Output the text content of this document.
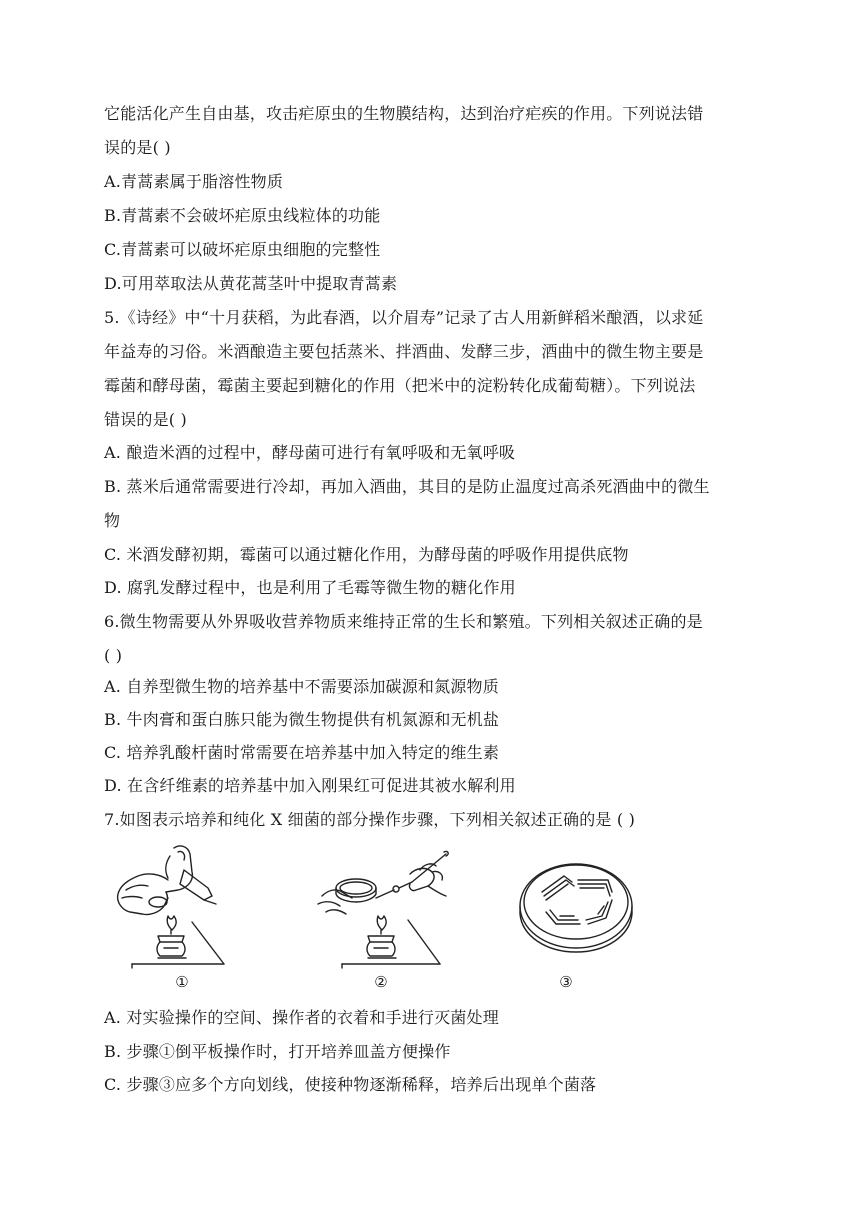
它能活化产生自由基，攻击疟原虫的生物膜结构，达到治疗疟疾的作用。下列说法错
误的是( )
A.青蒿素属于脂溶性物质
B.青蒿素不会破坏疟原虫线粒体的功能
C.青蒿素可以破坏疟原虫细胞的完整性
D.可用萃取法从黄花蒿茎叶中提取青蒿素
5.《诗经》中“十月获稻，为此春酒，以介眉寿”记录了古人用新鲜稻米酿酒，以求延
年益寿的习俗。米酒酿造主要包括蒸米、拌酒曲、发酵三步，酒曲中的微生物主要是
霉菌和酵母菌，霉菌主要起到糖化的作用（把米中的淀粉转化成葡萄糖）。下列说法
错误的是( )
A. 酿造米酒的过程中，酵母菌可进行有氧呼吸和无氧呼吸
B. 蒸米后通常需要进行冷却，再加入酒曲，其目的是防止温度过高杀死酒曲中的微生
物
C. 米酒发酵初期，霉菌可以通过糖化作用，为酵母菌的呼吸作用提供底物
D. 腐乳发酵过程中，也是利用了毛霉等微生物的糖化作用
6.微生物需要从外界吸收营养物质来维持正常的生长和繁殖。下列相关叙述正确的是
( )
A. 自养型微生物的培养基中不需要添加碳源和氮源物质
B. 牛肉膏和蛋白胨只能为微生物提供有机氮源和无机盐
C. 培养乳酸杆菌时常需要在培养基中加入特定的维生素
D. 在含纤维素的培养基中加入刚果红可促进其被水解利用
7.如图表示培养和纯化 X 细菌的部分操作步骤，下列相关叙述正确的是 ( )
①	②	③
A. 对实验操作的空间、操作者的衣着和手进行灭菌处理
B. 步骤①倒平板操作时，打开培养皿盖方便操作
C. 步骤③应多个方向划线，使接种物逐渐稀释，培养后出现单个菌落
